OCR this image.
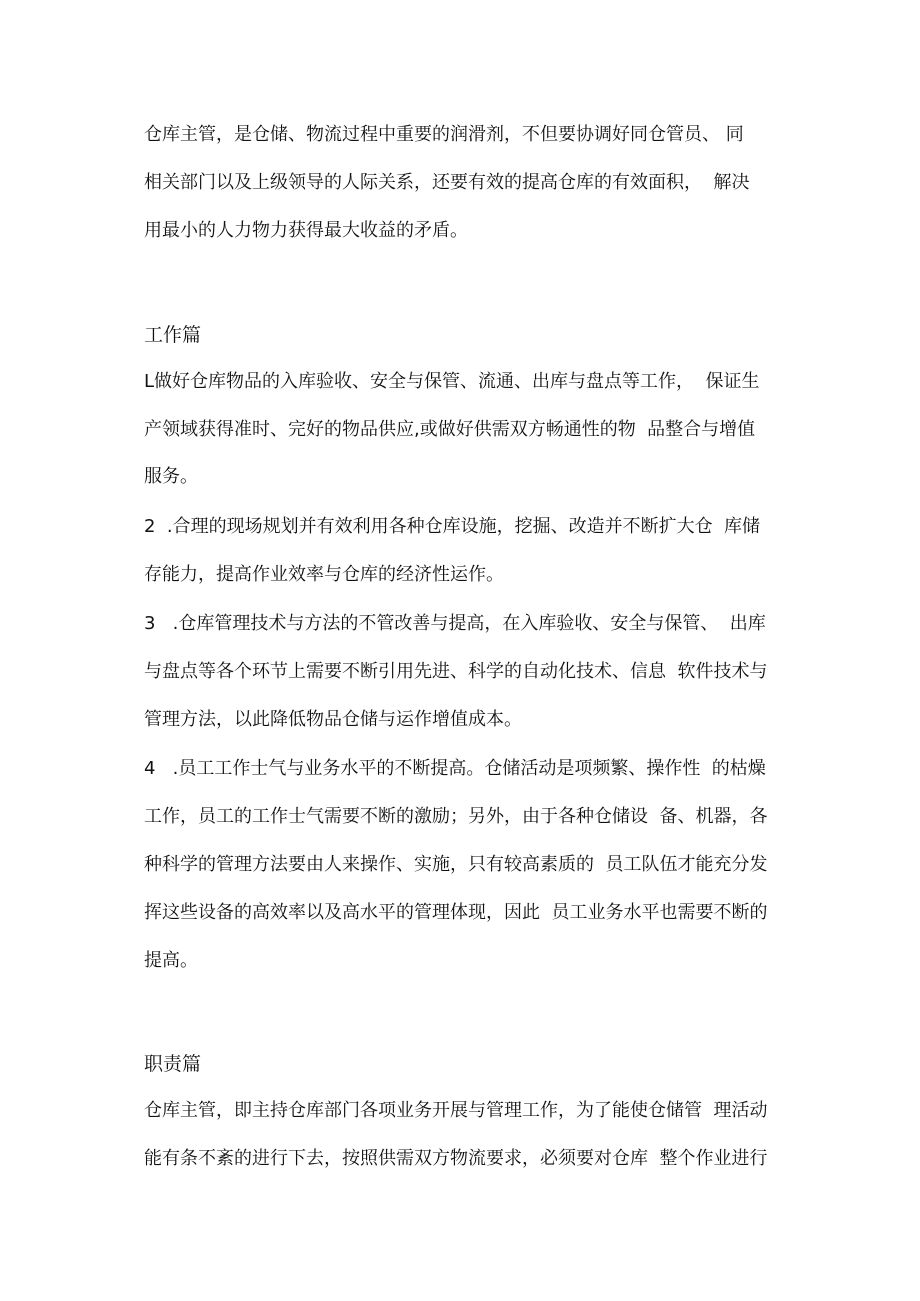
仓库主管，是仓储、物流过程中重要的润滑剂，不但要协调好同仓管员、 同
相关部门以及上级领导的人际关系，还要有效的提高仓库的有效面积，  解决
用最小的人力物力获得最大收益的矛盾。
工作篇
L做好仓库物品的入库验收、安全与保管、流通、出库与盘点等工作，  保证生
产领域获得准时、完好的物品供应,或做好供需双方畅通性的物  品整合与增值
服务。
2  .合理的现场规划并有效利用各种仓库设施，挖掘、改造并不断扩大仓  库储
存能力，提高作业效率与仓库的经济性运作。
3   .仓库管理技术与方法的不管改善与提高，在入库验收、安全与保管、  出库
与盘点等各个环节上需要不断引用先进、科学的自动化技术、信息  软件技术与
管理方法，以此降低物品仓储与运作增值成本。
4   .员工工作士气与业务水平的不断提高。仓储活动是项频繁、操作性  的枯燥
工作，员工的工作士气需要不断的激励；另外，由于各种仓储设  备、机器，各
种科学的管理方法要由人来操作、实施，只有较高素质的  员工队伍才能充分发
挥这些设备的高效率以及高水平的管理体现，因此  员工业务水平也需要不断的
提高。
职责篇
仓库主管，即主持仓库部门各项业务开展与管理工作，为了能使仓储管  理活动
能有条不紊的进行下去，按照供需双方物流要求，必须要对仓库  整个作业进行
